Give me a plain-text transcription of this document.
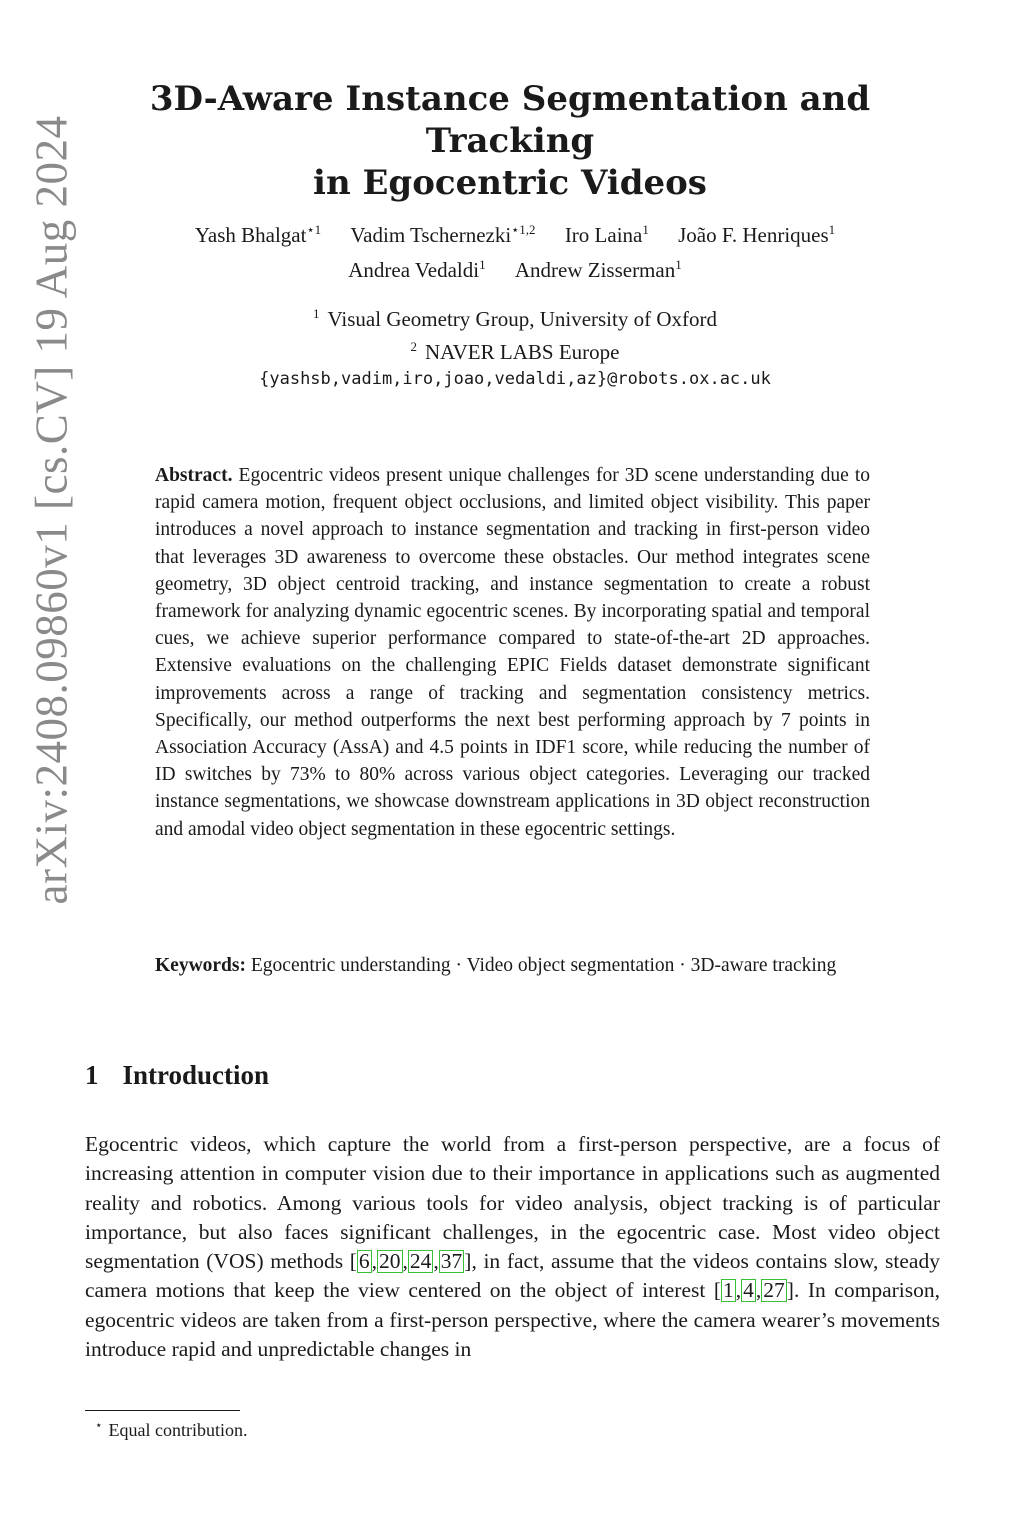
arXiv:2408.09860v1 [cs.CV] 19 Aug 2024
3D-Aware Instance Segmentation and Tracking
in Egocentric Videos
Yash Bhalgat$^{⋆1}$ Vadim Tschernezki$^{⋆1,2}$ Iro Laina$^1$ João F. Henriques$^1$
Andrea Vedaldi$^1$ Andrew Zisserman$^1$
$^1$ Visual Geometry Group, University of Oxford
$^2$ NAVER LABS Europe
{yashsb,vadim,iro,joao,vedaldi,az}@robots.ox.ac.uk
Abstract. Egocentric videos present unique challenges for 3D scene understanding due to rapid camera motion, frequent object occlusions, and limited object visibility. This paper introduces a novel approach to instance segmentation and tracking in first-person video that leverages 3D awareness to overcome these obstacles. Our method integrates scene geometry, 3D object centroid tracking, and instance segmentation to create a robust framework for analyzing dynamic egocentric scenes. By incorporating spatial and temporal cues, we achieve superior performance compared to state-of-the-art 2D approaches. Extensive evaluations on the challenging EPIC Fields dataset demonstrate significant improvements across a range of tracking and segmentation consistency metrics. Specifically, our method outperforms the next best performing approach by 7 points in Association Accuracy (AssA) and 4.5 points in IDF1 score, while reducing the number of ID switches by 73% to 80% across various object categories. Leveraging our tracked instance segmentations, we showcase downstream applications in 3D object reconstruction and amodal video object segmentation in these egocentric settings.
Keywords: Egocentric understanding · Video object segmentation · 3D-aware tracking
1 Introduction
Egocentric videos, which capture the world from a first-person perspective, are a focus of increasing attention in computer vision due to their importance in applications such as augmented reality and robotics. Among various tools for video analysis, object tracking is of particular importance, but also faces significant challenges, in the egocentric case. Most video object segmentation (VOS) methods [6,20,24,37], in fact, assume that the videos contains slow, steady camera motions that keep the view centered on the object of interest [1,4,27]. In comparison, egocentric videos are taken from a first-person perspective, where the camera wearer’s movements introduce rapid and unpredictable changes in
⋆ Equal contribution.
